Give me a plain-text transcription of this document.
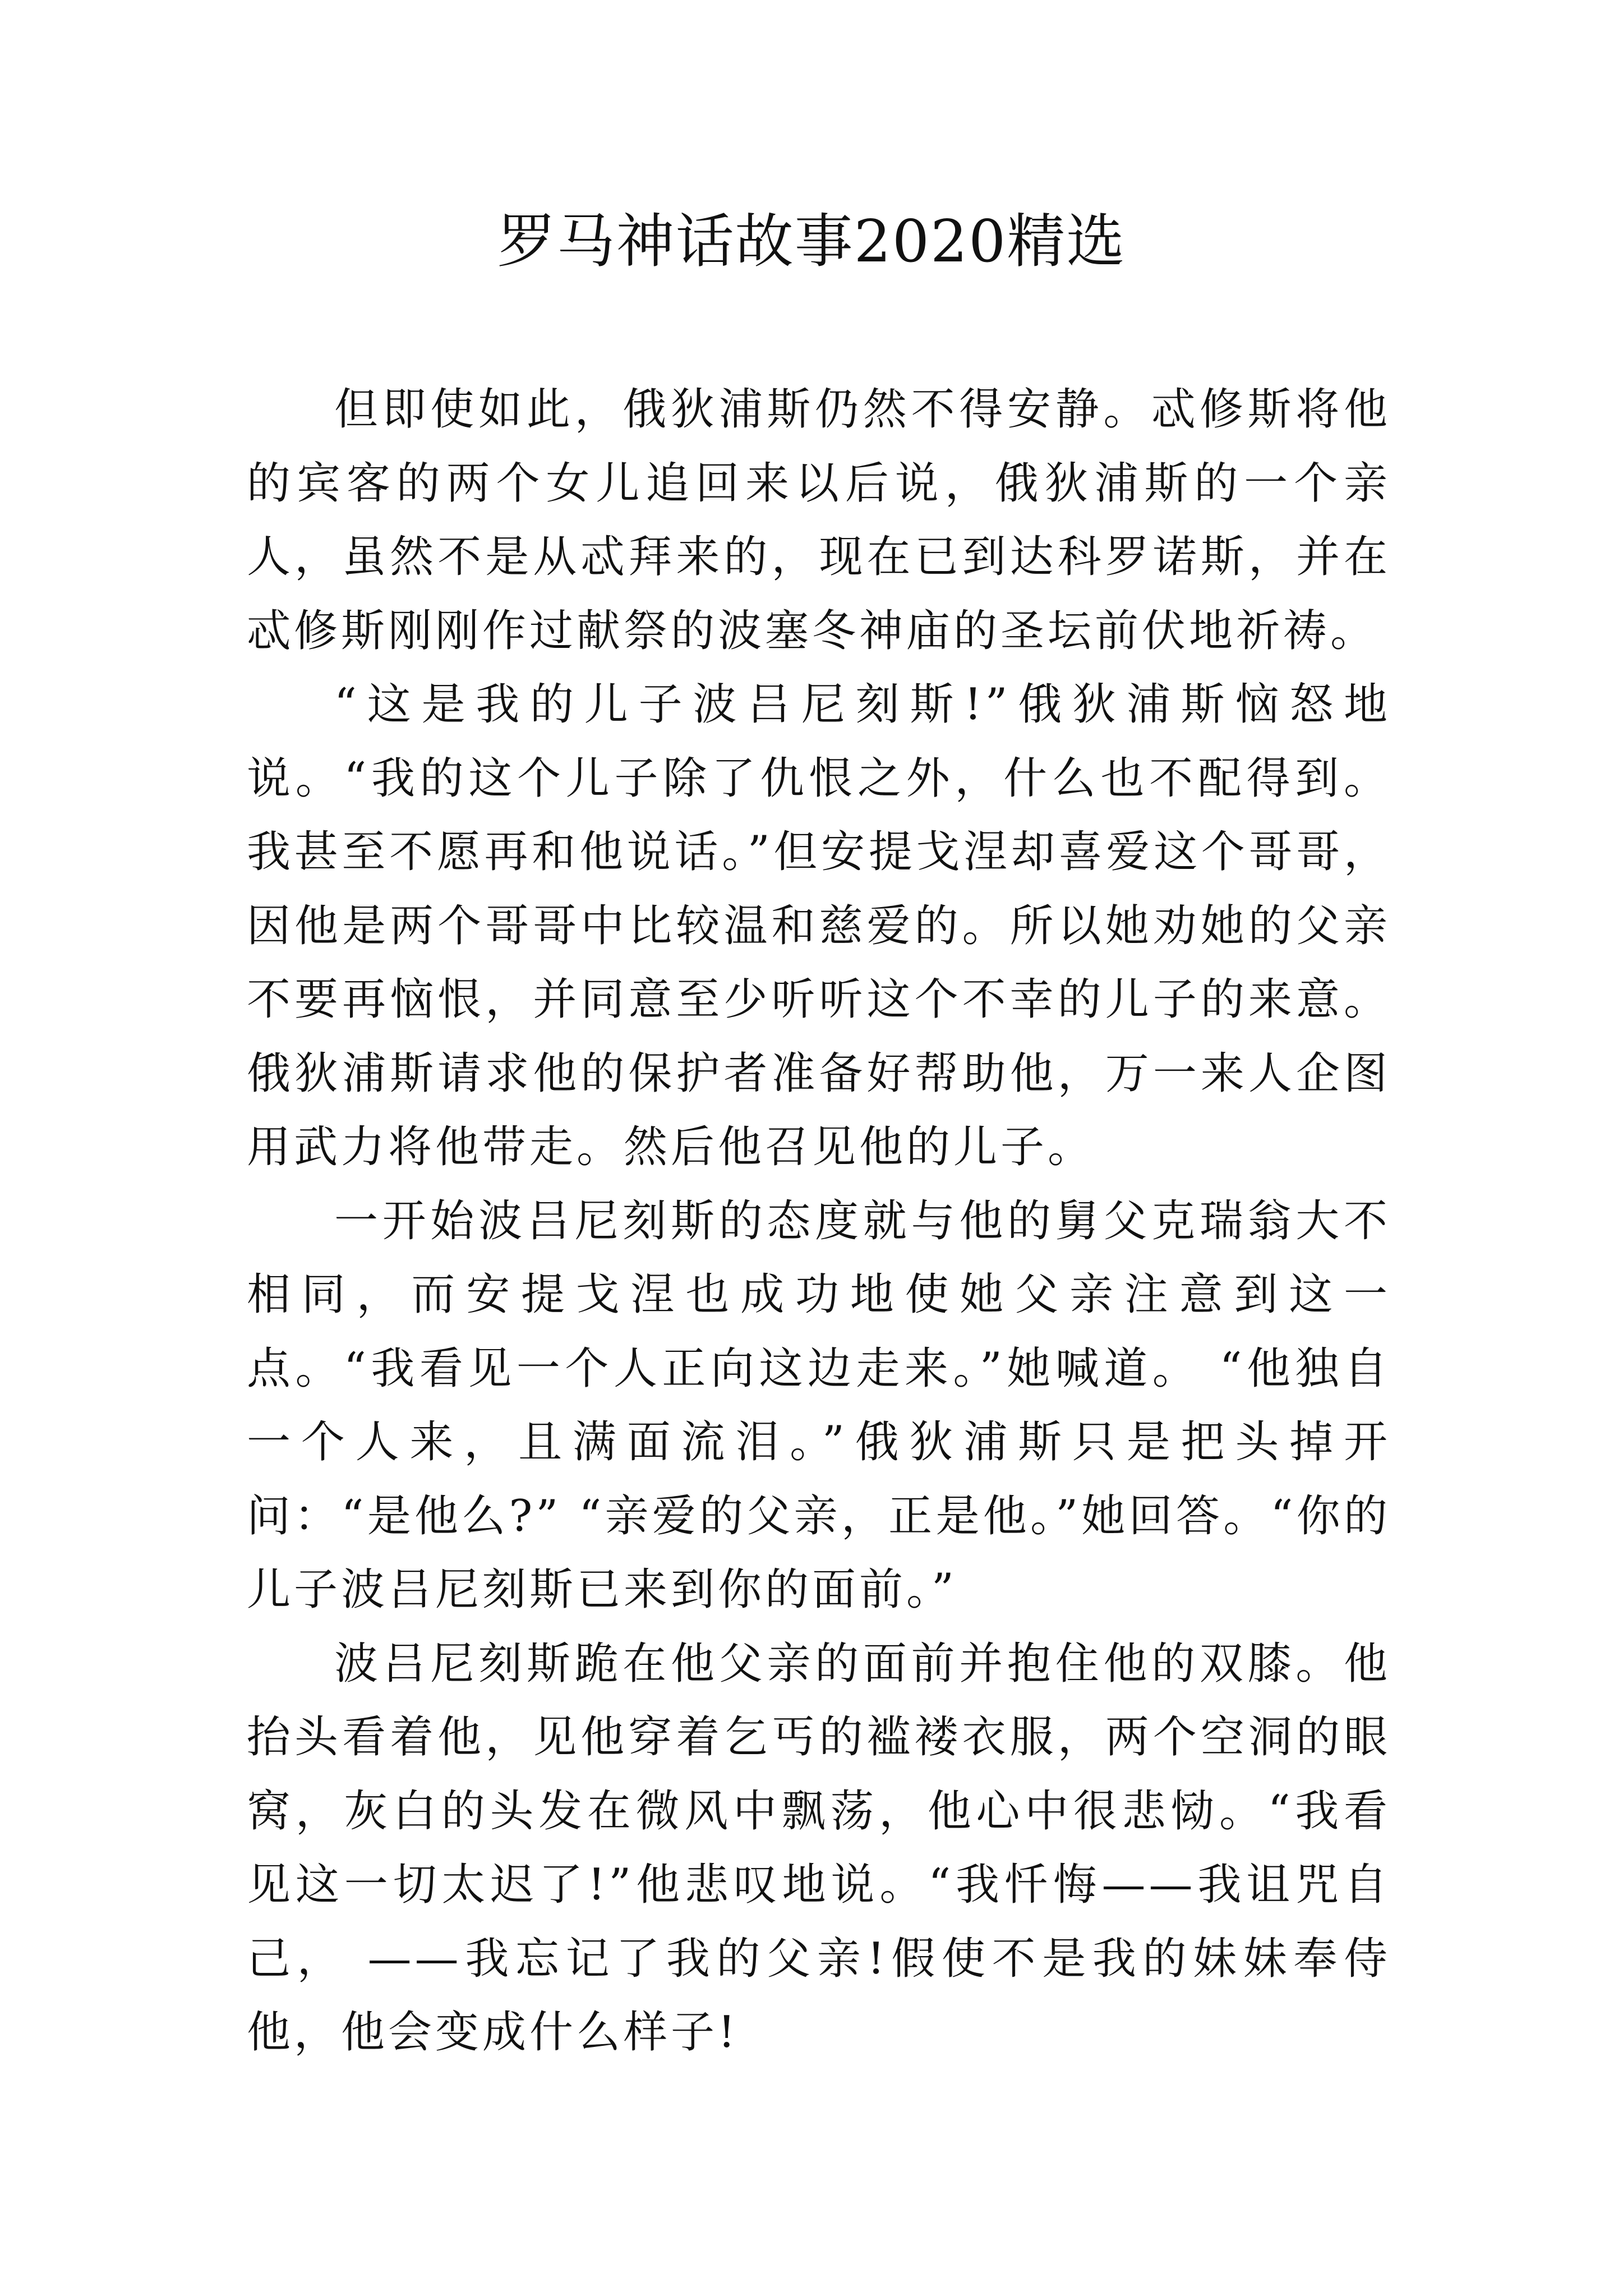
罗马神话故事2020精选

但即使如此，俄狄浦斯仍然不得安静。忒修斯将他的宾客的两个女儿追回来以后说，俄狄浦斯的一个亲人，虽然不是从忒拜来的，现在已到达科罗诺斯，并在忒修斯刚刚作过献祭的波塞冬神庙的圣坛前伏地祈祷。

“这是我的儿子波吕尼刻斯!”俄狄浦斯恼怒地说。“我的这个儿子除了仇恨之外，什么也不配得到。我甚至不愿再和他说话。”但安提戈涅却喜爱这个哥哥，因他是两个哥哥中比较温和慈爱的。所以她劝她的父亲不要再恼恨，并同意至少听听这个不幸的儿子的来意。俄狄浦斯请求他的保护者准备好帮助他，万一来人企图用武力将他带走。然后他召见他的儿子。

一开始波吕尼刻斯的态度就与他的舅父克瑞翁大不相同，而安提戈涅也成功地使她父亲注意到这一点。“我看见一个人正向这边走来。”她喊道。 “他独自一个人来，且满面流泪。”俄狄浦斯只是把头掉开问：“是他么?” “亲爱的父亲，正是他。”她回答。“你的儿子波吕尼刻斯已来到你的面前。”

波吕尼刻斯跪在他父亲的面前并抱住他的双膝。他抬头看着他，见他穿着乞丐的褴褛衣服，两个空洞的眼窝，灰白的头发在微风中飘荡，他心中很悲恸。“我看见这一切太迟了!”他悲叹地说。“我忏悔——我诅咒自己， ——我忘记了我的父亲!假使不是我的妹妹奉侍他，他会变成什么样子!
